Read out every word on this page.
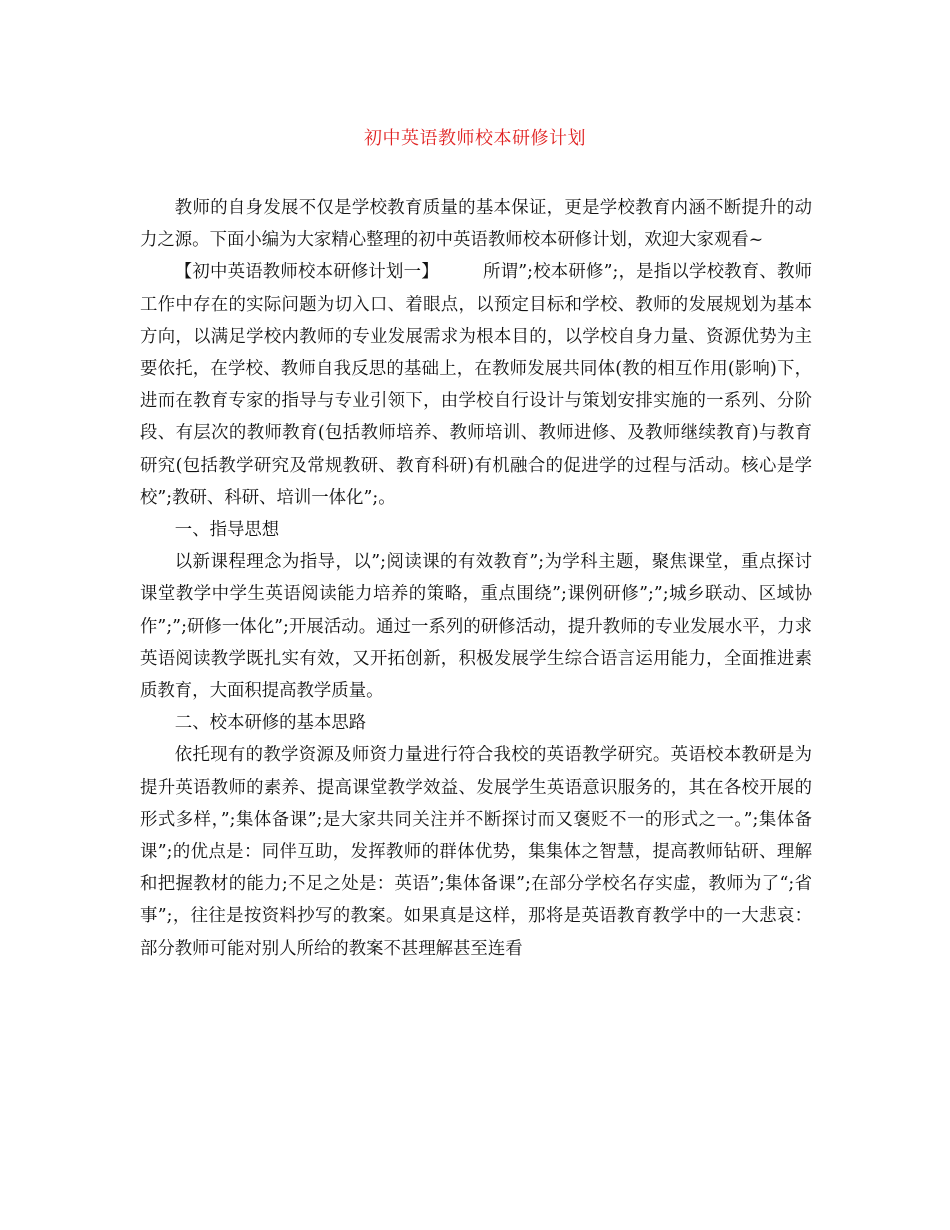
初中英语教师校本研修计划

教师的自身发展不仅是学校教育质量的基本保证，更是学校教育内涵不断提升的动力之源。下面小编为大家精心整理的初中英语教师校本研修计划，欢迎大家观看~

【初中英语教师校本研修计划一】	所谓”;校本研修”;，是指以学校教育、教师工作中存在的实际问题为切入口、着眼点，以预定目标和学校、教师的发展规划为基本方向，以满足学校内教师的专业发展需求为根本目的，以学校自身力量、资源优势为主要依托，在学校、教师自我反思的基础上，在教师发展共同体(教的相互作用(影响)下，进而在教育专家的指导与专业引领下，由学校自行设计与策划安排实施的一系列、分阶段、有层次的教师教育(包括教师培养、教师培训、教师进修、及教师继续教育)与教育研究(包括教学研究及常规教研、教育科研)有机融合的促进学的过程与活动。核心是学校”;教研、科研、培训一体化”;。

一、指导思想

以新课程理念为指导，以”;阅读课的有效教育”;为学科主题，聚焦课堂，重点探讨课堂教学中学生英语阅读能力培养的策略，重点围绕”;课例研修”;”;城乡联动、区域协作”;”;研修一体化”;开展活动。通过一系列的研修活动，提升教师的专业发展水平，力求英语阅读教学既扎实有效，又开拓创新，积极发展学生综合语言运用能力，全面推进素质教育，大面积提高教学质量。

二、校本研修的基本思路

依托现有的教学资源及师资力量进行符合我校的英语教学研究。英语校本教研是为提升英语教师的素养、提高课堂教学效益、发展学生英语意识服务的，其在各校开展的形式多样，”;集体备课”;是大家共同关注并不断探讨而又褒贬不一的形式之一。”;集体备课”;的优点是：同伴互助，发挥教师的群体优势，集集体之智慧，提高教师钻研、理解和把握教材的能力;不足之处是：英语”;集体备课”;在部分学校名存实虚，教师为了“;省事”;，往往是按资料抄写的教案。如果真是这样，那将是英语教育教学中的一大悲哀：部分教师可能对别人所给的教案不甚理解甚至连看
